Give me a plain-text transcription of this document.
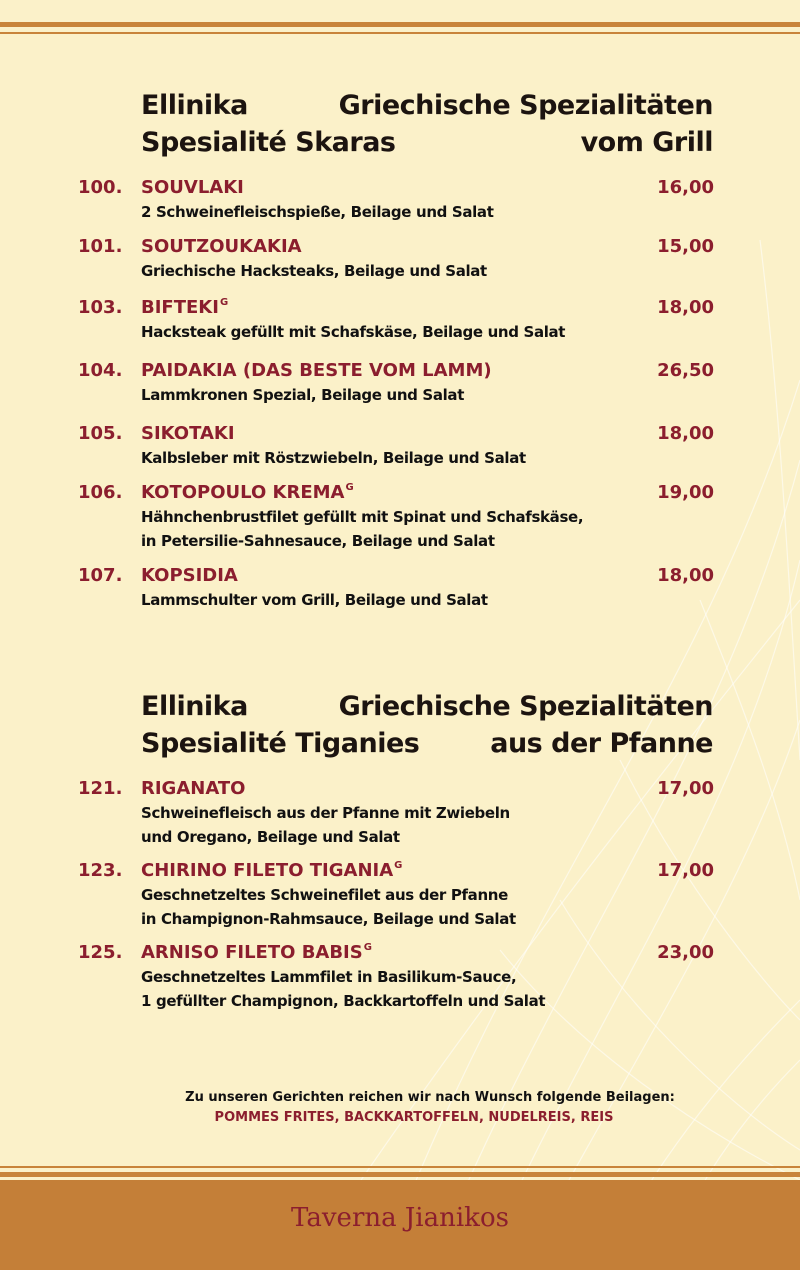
Ellinika
Spesialité Skaras
Griechische Spezialitäten
vom Grill
100. SOUVLAKI	16,00
2 Schweinefleischspieße, Beilage und Salat
101. SOUTZOUKAKIA	15,00
Griechische Hacksteaks, Beilage und Salat
103. $BIFTEKI^G$	18,00
Hacksteak gefüllt mit Schafskäse, Beilage und Salat
104. PAIDAKIA (DAS BESTE VOM LAMM)	26,50
Lammkronen Spezial, Beilage und Salat
105. SIKOTAKI	18,00
Kalbsleber mit Röstzwiebeln, Beilage und Salat
106. KOTOPOULO $KREMA^G$	19,00
Hähnchenbrustfilet gefüllt mit Spinat und Schafskäse,
in Petersilie-Sahnesauce, Beilage und Salat
107. KOPSIDIA	18,00
Lammschulter vom Grill, Beilage und Salat
Ellinika
Spesialité Tiganies
Griechische Spezialitäten
aus der Pfanne
121. RIGANATO	17,00
Schweinefleisch aus der Pfanne mit Zwiebeln
und Oregano, Beilage und Salat
123. CHIRINO FILETO $TIGANIA^G$	17,00
Geschnetzeltes Schweinefilet aus der Pfanne
in Champignon-Rahmsauce, Beilage und Salat
125. ARNISO FILETO $BABIS^G$	23,00
Geschnetzeltes Lammfilet in Basilikum-Sauce,
1 gefüllter Champignon, Backkartoffeln und Salat
Zu unseren Gerichten reichen wir nach Wunsch folgende Beilagen:
POMMES FRITES, BACKKARTOFFELN, NUDELREIS, REIS
Taverna Jianikos
